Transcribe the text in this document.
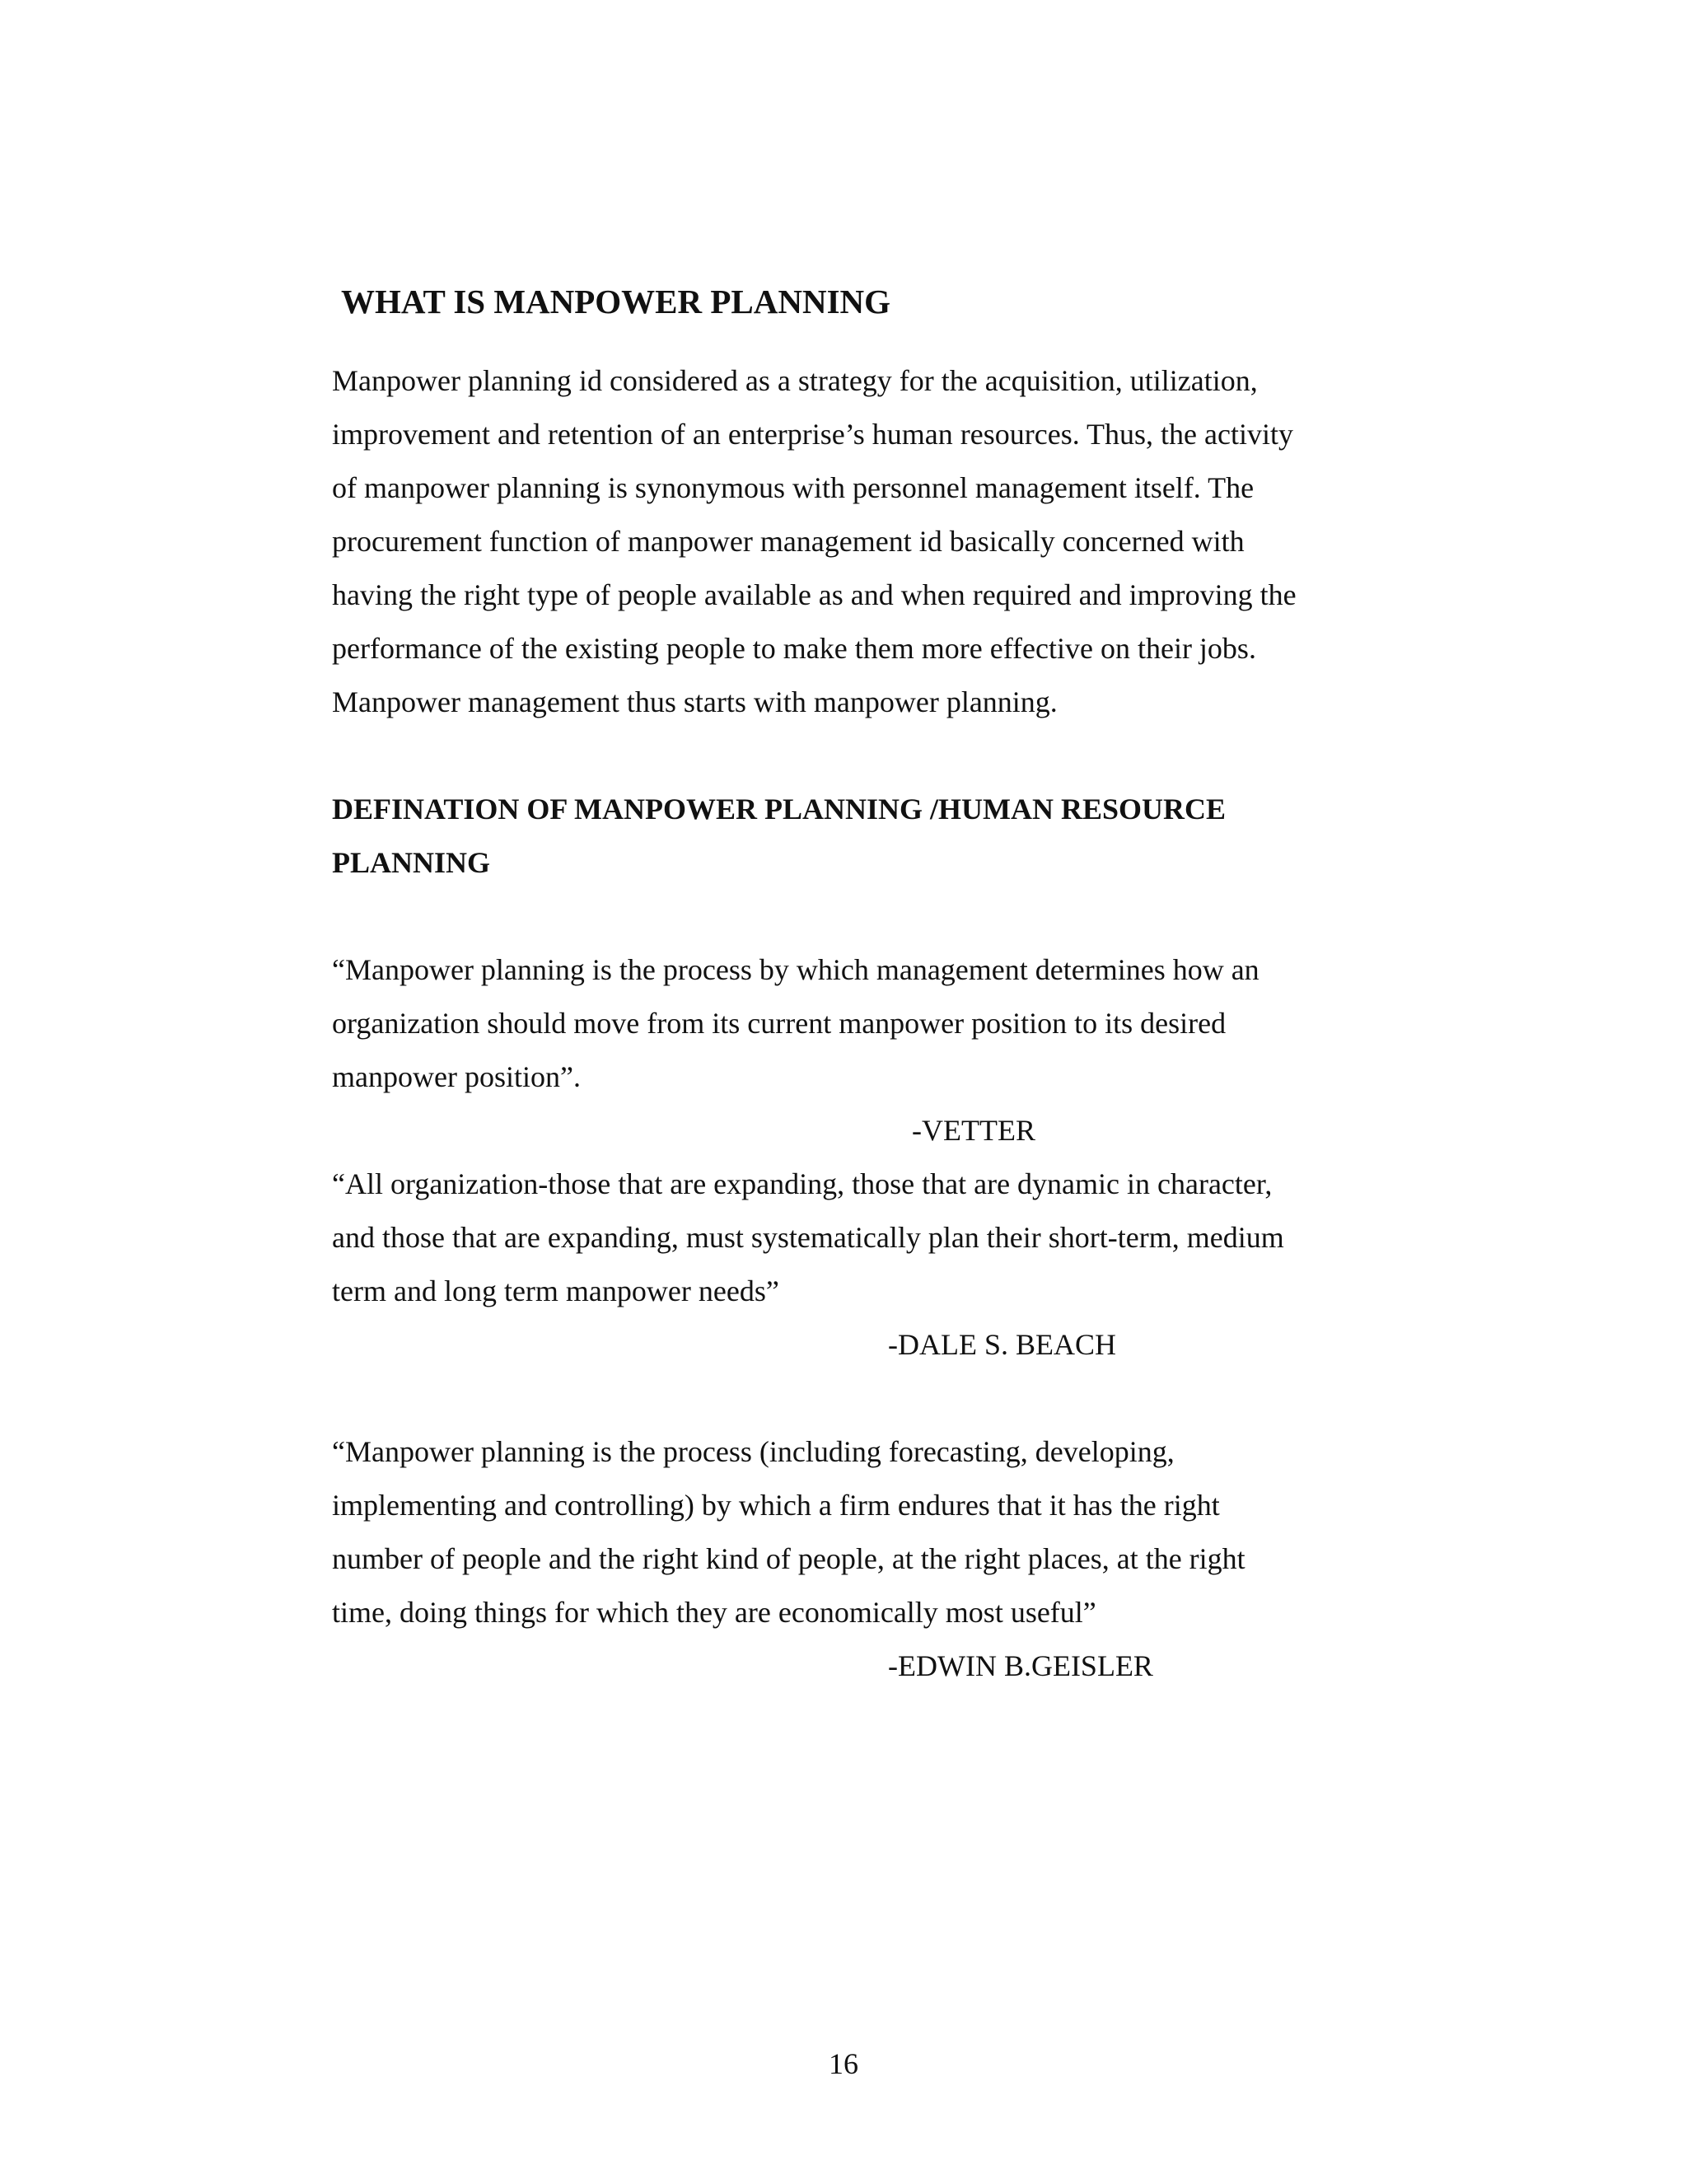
WHAT IS MANPOWER PLANNING
Manpower planning id considered as a strategy for the acquisition, utilization,
improvement and retention of an enterprise’s human resources. Thus, the activity
of manpower planning is synonymous with personnel management itself. The
procurement function of manpower management id basically concerned with
having the right type of people available as and when required and improving the
performance of the existing people to make them more effective on their jobs.
Manpower management thus starts with manpower planning.
DEFINATION OF MANPOWER PLANNING /HUMAN RESOURCE
PLANNING
“Manpower planning is the process by which management determines how an
organization should move from its current manpower position to its desired
manpower position”.
-VETTER
“All organization-those that are expanding, those that are dynamic in character,
and those that are expanding, must systematically plan their short-term, medium
term and long term manpower needs”
-DALE S. BEACH
“Manpower planning is the process (including forecasting, developing,
implementing and controlling) by which a firm endures that it has the right
number of people and the right kind of people, at the right places, at the right
time, doing things for which they are economically most useful”
-EDWIN B.GEISLER
16
